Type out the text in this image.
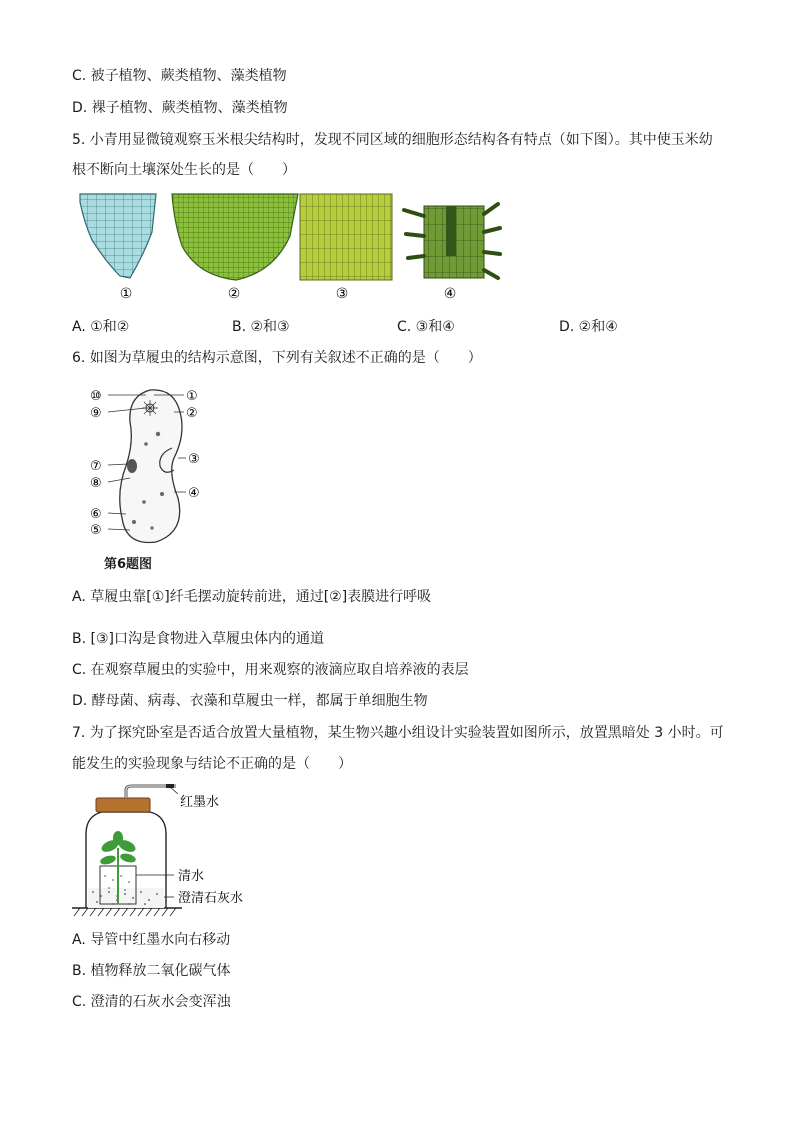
C. 被子植物、蕨类植物、藻类植物
D. 裸子植物、蕨类植物、藻类植物
5. 小青用显微镜观察玉米根尖结构时，发现不同区域的细胞形态结构各有特点（如下图）。其中使玉米幼
根不断向土壤深处生长的是（　　）
①	②	③	④
A. ①和②	B. ②和③	C. ③和④	D. ②和④
6. 如图为草履虫的结构示意图，下列有关叙述不正确的是（　　）
⑩	①
⑨	②
③
⑦
⑧
④
⑥
⑤
第6题图
A. 草履虫靠[①]纤毛摆动旋转前进，通过[②]表膜进行呼吸
B. [③]口沟是食物进入草履虫体内的通道
C. 在观察草履虫的实验中，用来观察的液滴应取自培养液的表层
D. 酵母菌、病毒、衣藻和草履虫一样，都属于单细胞生物
7. 为了探究卧室是否适合放置大量植物，某生物兴趣小组设计实验装置如图所示，放置黑暗处 3 小时。可
能发生的实验现象与结论不正确的是（　　）
红墨水
清水
澄清石灰水
A. 导管中红墨水向右移动
B. 植物释放二氧化碳气体
C. 澄清的石灰水会变浑浊
